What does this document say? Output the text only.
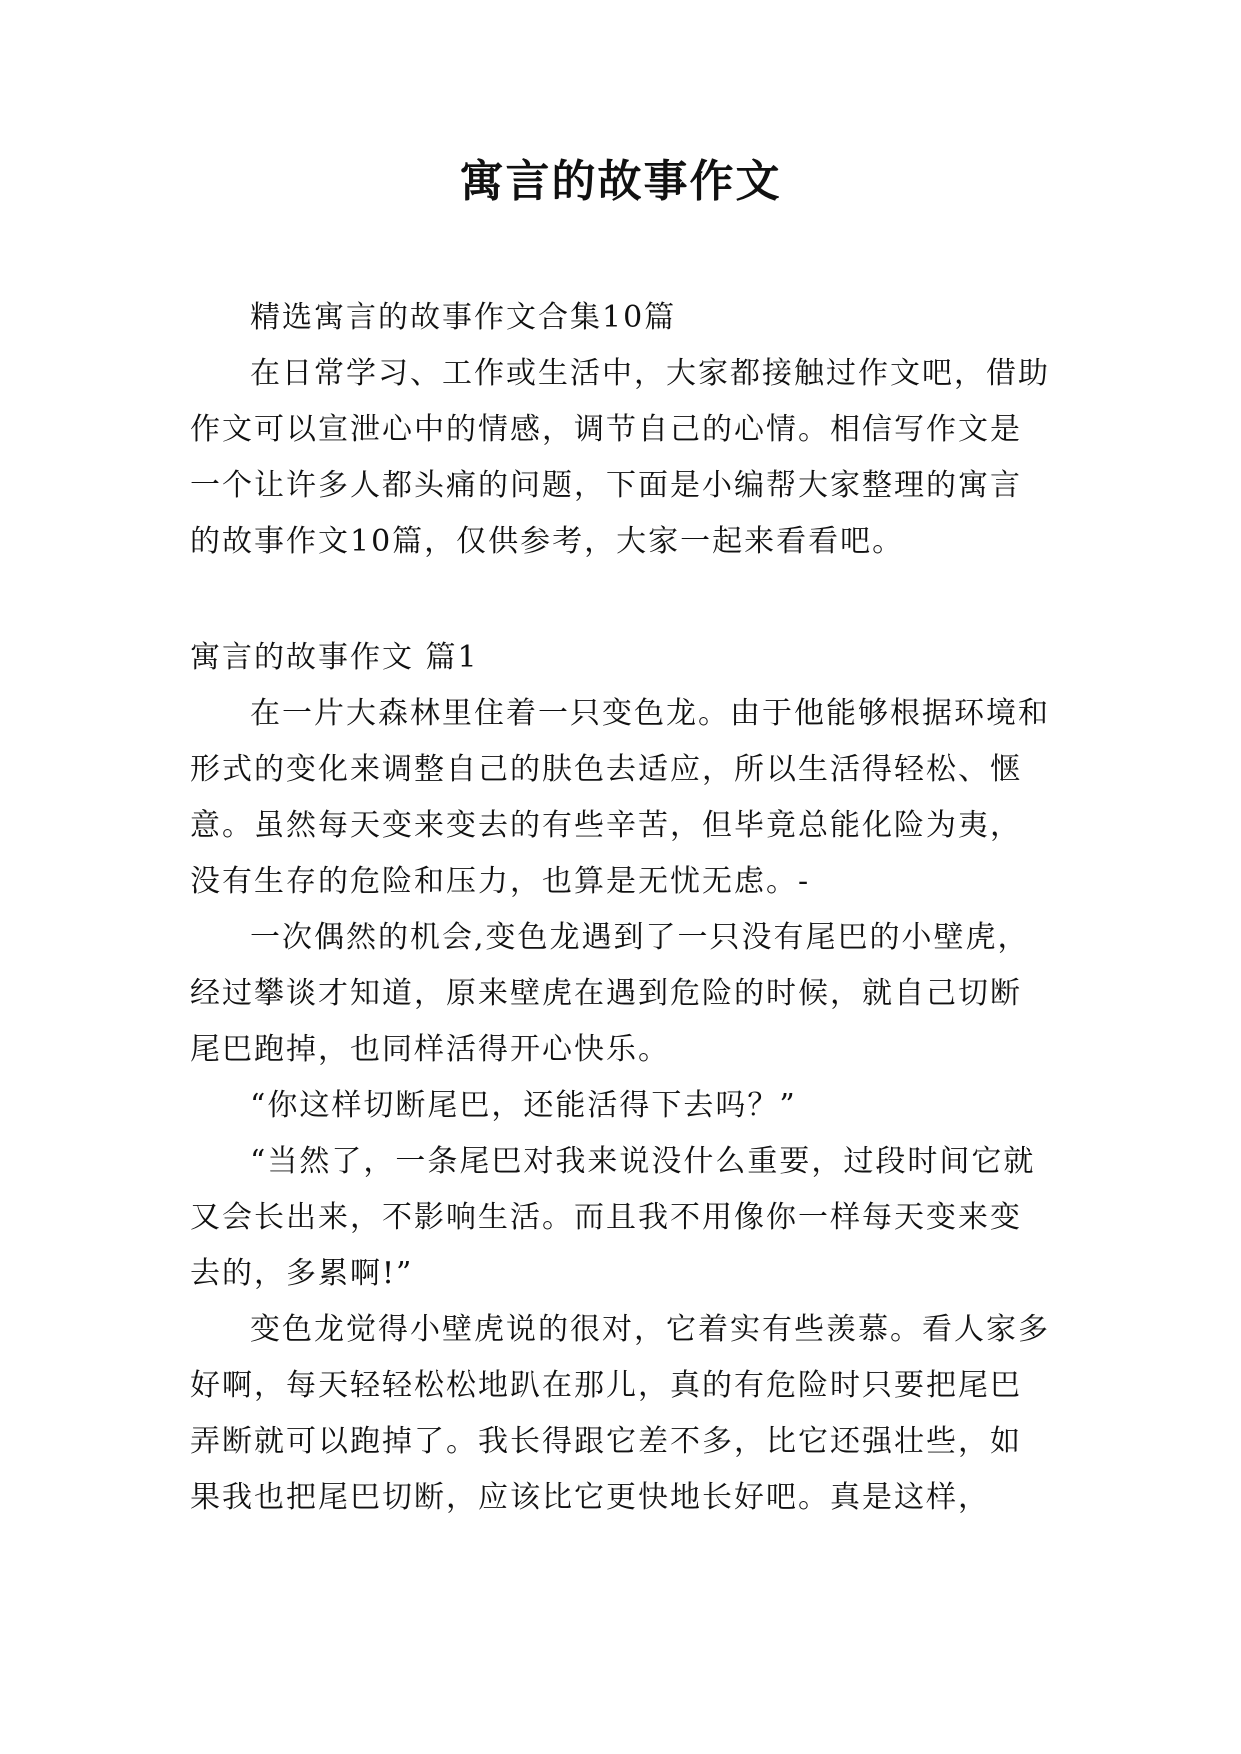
寓言的故事作文

精选寓言的故事作文合集10篇

在日常学习、工作或生活中，大家都接触过作文吧，借助作文可以宣泄心中的情感，调节自己的心情。相信写作文是一个让许多人都头痛的问题，下面是小编帮大家整理的寓言的故事作文10篇，仅供参考，大家一起来看看吧。

寓言的故事作文 篇1

在一片大森林里住着一只变色龙。由于他能够根据环境和形式的变化来调整自己的肤色去适应，所以生活得轻松、惬意。虽然每天变来变去的有些辛苦，但毕竟总能化险为夷，没有生存的危险和压力，也算是无忧无虑。-

一次偶然的机会,变色龙遇到了一只没有尾巴的小壁虎，经过攀谈才知道，原来壁虎在遇到危险的时候，就自己切断尾巴跑掉，也同样活得开心快乐。

“你这样切断尾巴，还能活得下去吗？”

“当然了，一条尾巴对我来说没什么重要，过段时间它就又会长出来，不影响生活。而且我不用像你一样每天变来变去的，多累啊!”

变色龙觉得小壁虎说的很对，它着实有些羡慕。看人家多好啊，每天轻轻松松地趴在那儿，真的有危险时只要把尾巴弄断就可以跑掉了。我长得跟它差不多，比它还强壮些，如果我也把尾巴切断，应该比它更快地长好吧。真是这样，
